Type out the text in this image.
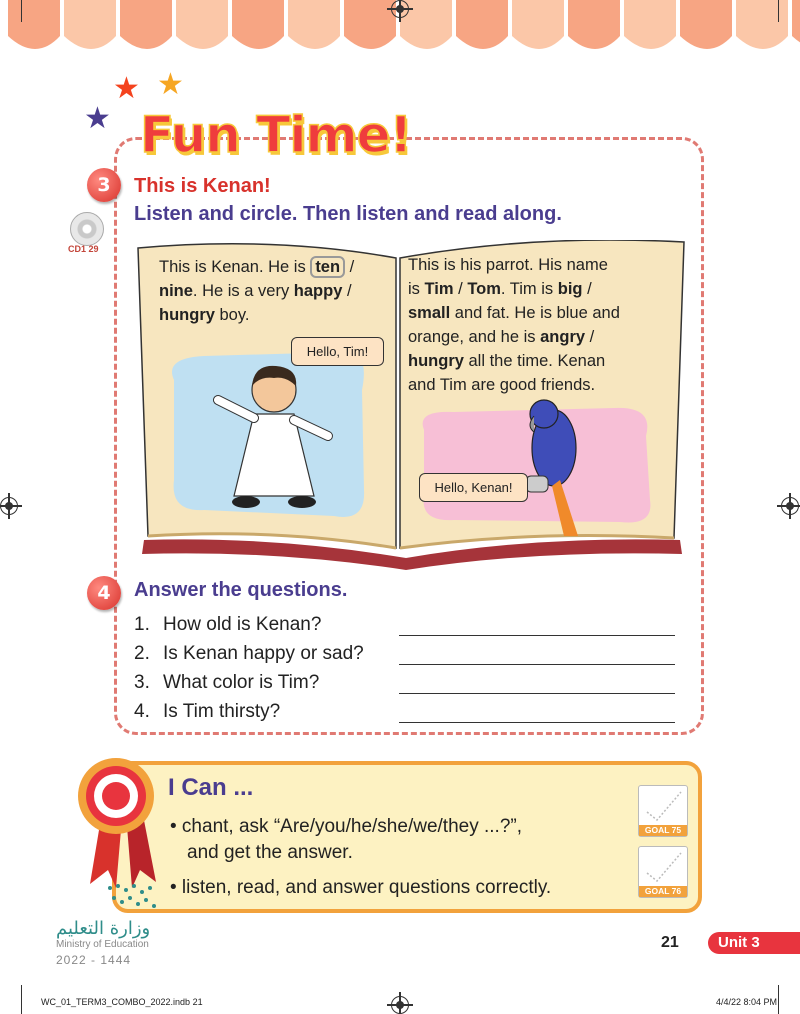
★ ★
★ Fun Time!
3	This is Kenan!
Listen and circle. Then listen and read along.
CD1 29
This is Kenan. He is ten /
nine. He is a very happy /
hungry boy.
This is his parrot. His name
is Tim / Tom. Tim is big /
small and fat. He is blue and
orange, and he is angry /
hungry all the time. Kenan
and Tim are good friends.
Hello, Tim!
Hello, Kenan!
4	Answer the questions.
1. How old is Kenan?
2. Is Kenan happy or sad?
3. What color is Tim?
4. Is Tim thirsty?
I Can ...
• chant, ask “Are/you/he/she/we/they ...?”,
and get the answer.
• listen, read, and answer questions correctly.
GOAL 75
GOAL 76
وزارة التعليم
Ministry of Education
2022 - 1444
21	Unit 3
WC_01_TERM3_COMBO_2022.indb 21	4/4/22 8:04 PM
